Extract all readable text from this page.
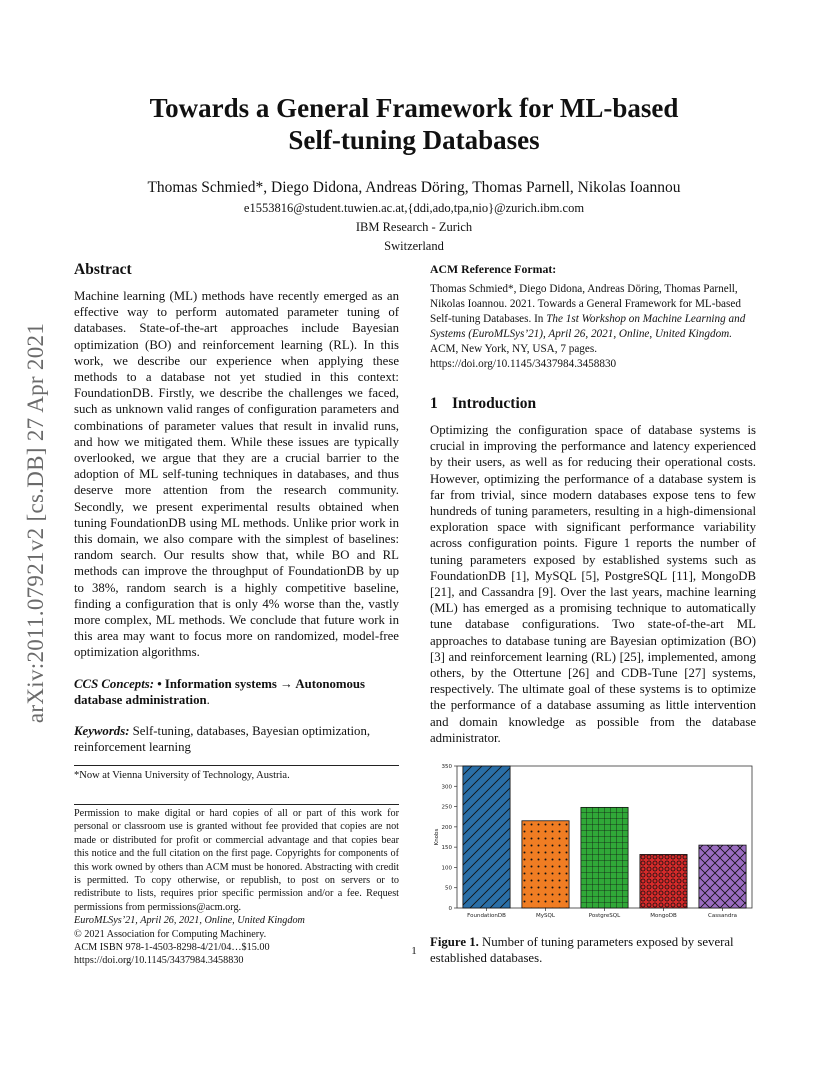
arXiv:2011.07921v2 [cs.DB] 27 Apr 2021
Towards a General Framework for ML-based
Self-tuning Databases
Thomas Schmied*, Diego Didona, Andreas Döring, Thomas Parnell, Nikolas Ioannou
e1553816@student.tuwien.ac.at,{ddi,ado,tpa,nio}@zurich.ibm.com
IBM Research - Zurich
Switzerland
Abstract

Machine learning (ML) methods have recently emerged as an effective way to perform automated parameter tuning of databases. State-of-the-art approaches include Bayesian optimization (BO) and reinforcement learning (RL). In this work, we describe our experience when applying these methods to a database not yet studied in this context: FoundationDB. Firstly, we describe the challenges we faced, such as unknown valid ranges of configuration parameters and combinations of parameter values that result in invalid runs, and how we mitigated them. While these issues are typically overlooked, we argue that they are a crucial barrier to the adoption of ML self-tuning techniques in databases, and thus deserve more attention from the research community. Secondly, we present experimental results obtained when tuning FoundationDB using ML methods. Unlike prior work in this domain, we also compare with the simplest of baselines: random search. Our results show that, while BO and RL methods can improve the throughput of FoundationDB by up to 38%, random search is a highly competitive baseline, finding a configuration that is only 4% worse than the, vastly more complex, ML methods. We conclude that future work in this area may want to focus more on randomized, model-free optimization algorithms.

CCS Concepts: • Information systems → Autonomous database administration.
Keywords: Self-tuning, databases, Bayesian optimization, reinforcement learning
*Now at Vienna University of Technology, Austria.
Permission to make digital or hard copies of all or part of this work for personal or classroom use is granted without fee provided that copies are not made or distributed for profit or commercial advantage and that copies bear this notice and the full citation on the first page. Copyrights for components of this work owned by others than ACM must be honored. Abstracting with credit is permitted. To copy otherwise, or republish, to post on servers or to redistribute to lists, requires prior specific permission and/or a fee. Request permissions from permissions@acm.org.
EuroMLSys’21, April 26, 2021, Online, United Kingdom
© 2021 Association for Computing Machinery.
ACM ISBN 978-1-4503-8298-4/21/04…$15.00
https://doi.org/10.1145/3437984.3458830
ACM Reference Format:

Thomas Schmied*, Diego Didona, Andreas Döring, Thomas Parnell, Nikolas Ioannou. 2021. Towards a General Framework for ML-based Self-tuning Databases. In The 1st Workshop on Machine Learning and Systems (EuroMLSys’21), April 26, 2021, Online, United Kingdom. ACM, New York, NY, USA, 7 pages. https://doi.org/10.1145/3437984.3458830

1 Introduction

Optimizing the configuration space of database systems is crucial in improving the performance and latency experienced by their users, as well as for reducing their operational costs. However, optimizing the performance of a database system is far from trivial, since modern databases expose tens to few hundreds of tuning parameters, resulting in a high-dimensional exploration space with significant performance variability across configuration points. Figure 1 reports the number of tuning parameters exposed by established systems such as FoundationDB [1], MySQL [5], PostgreSQL [11], MongoDB [21], and Cassandra [9]. Over the last years, machine learning (ML) has emerged as a promising technique to automatically tune database configurations. Two state-of-the-art ML approaches to database tuning are Bayesian optimization (BO) [3] and reinforcement learning (RL) [25], implemented, among others, by the Ottertune [26] and CDB-Tune [27] systems, respectively. The ultimate goal of these systems is to optimize the performance of a database assuming as little intervention and domain knowledge as possible from the database administrator.

0
50
100
150
200
250
300
350
Knobs
FoundationDB	MySQL	PostgreSQL	MongoDB	Cassandra
Figure 1. Number of tuning parameters exposed by several established databases.
1
